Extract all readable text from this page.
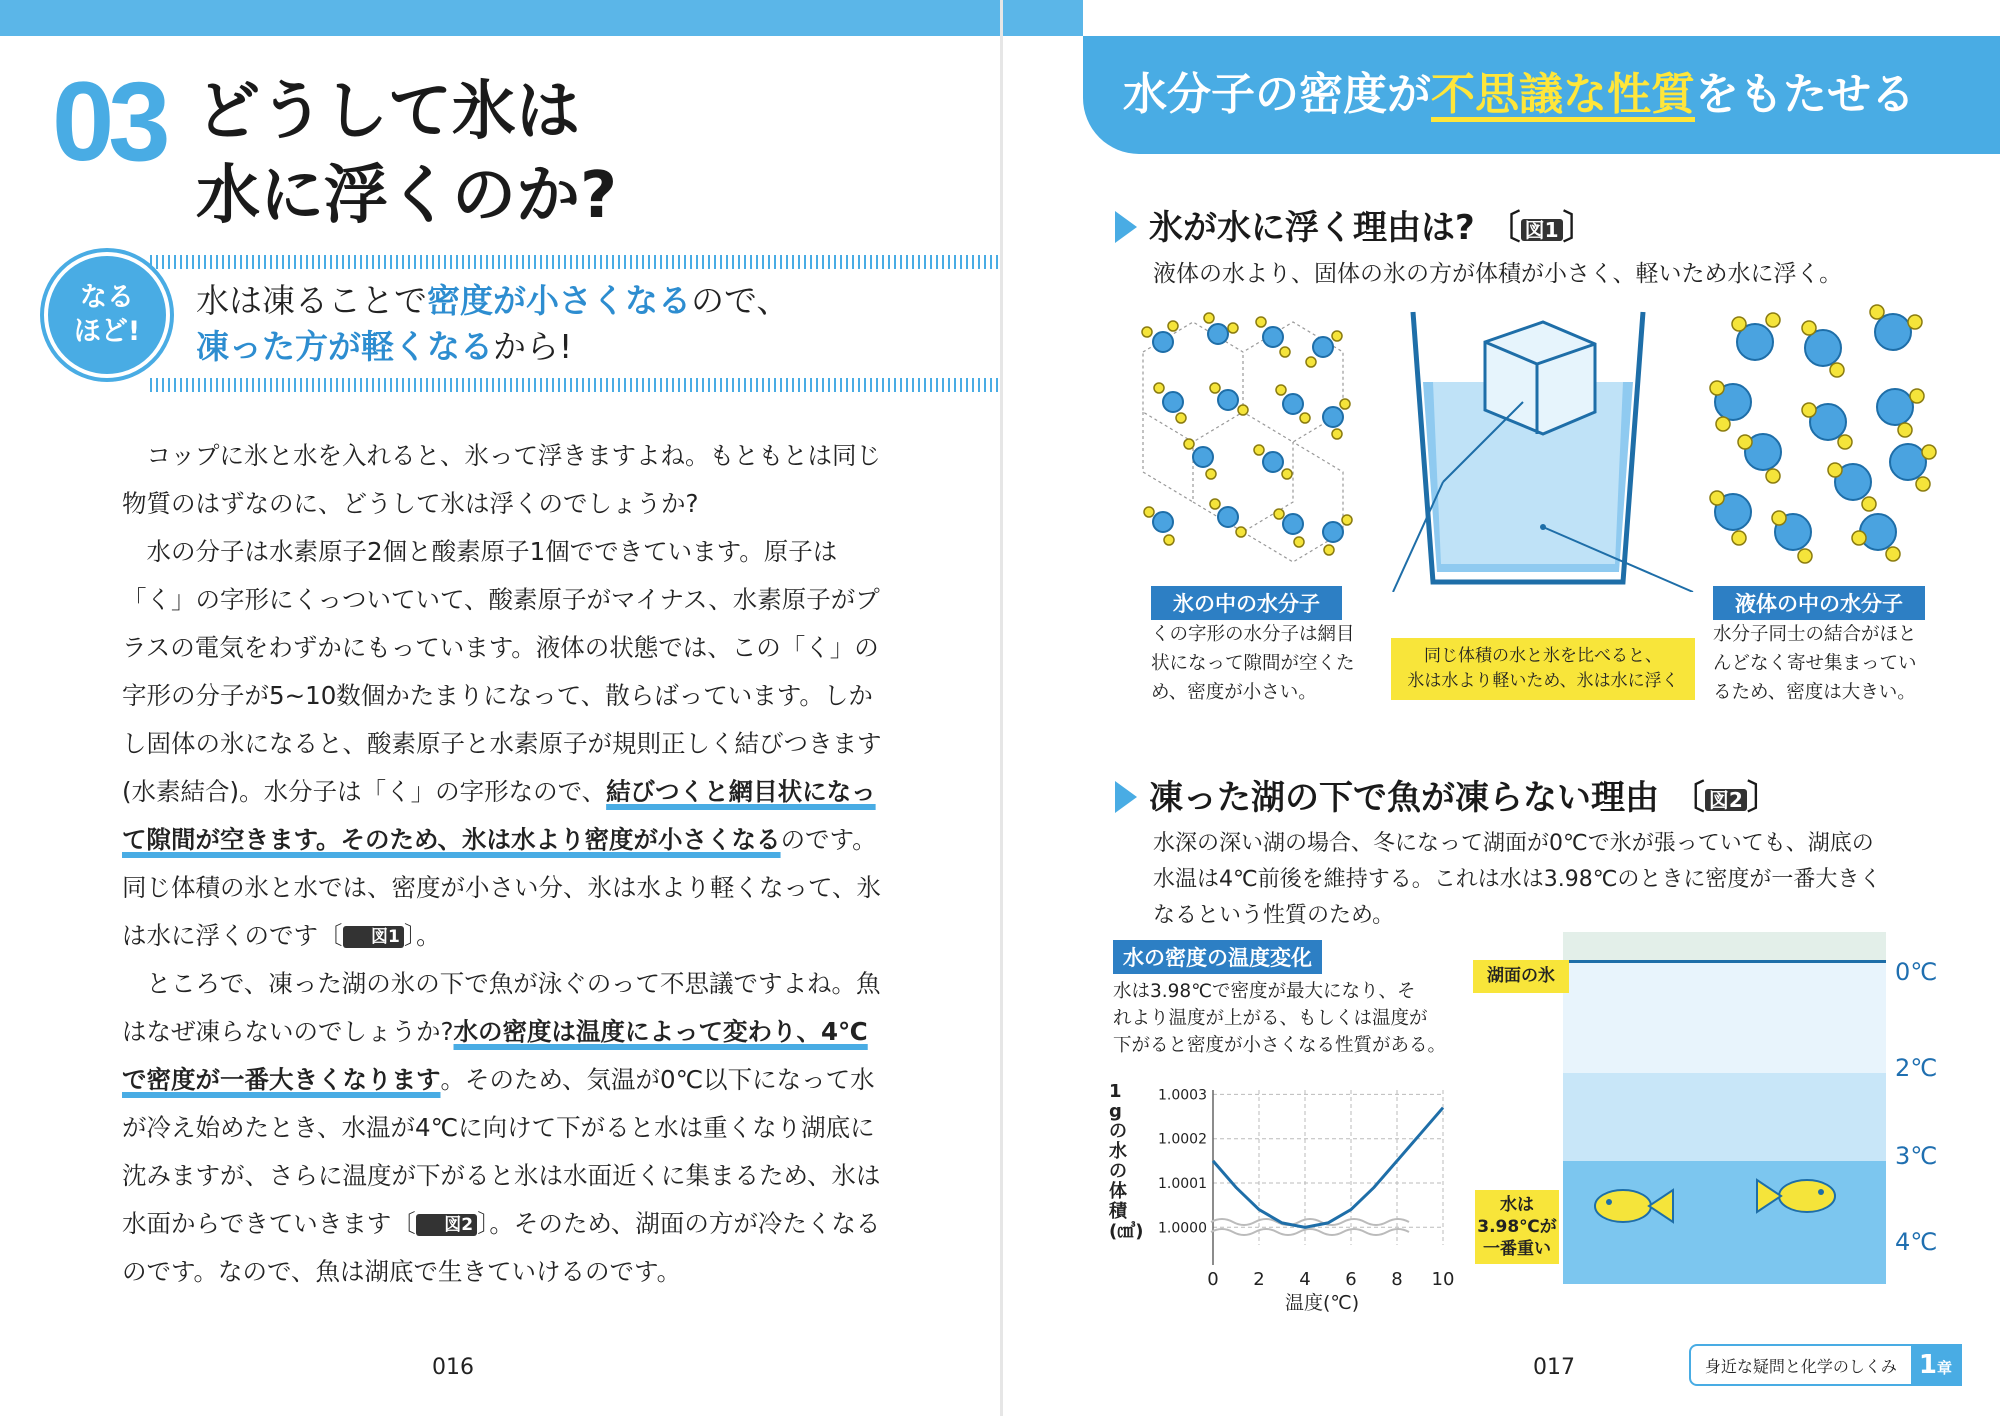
03 どうして氷は
水に浮くのか?
なる
ほど!
水は凍ることで密度が小さくなるので、
凍った方が軽くなるから!

コップに氷と水を入れると、氷って浮きますよね。もともとは同じ物質のはずなのに、どうして氷は浮くのでしょうか?

水の分子は水素原子2個と酸素原子1個でできています。原子は「く」の字形にくっついていて、酸素原子がマイナス、水素原子がプラスの電気をわずかにもっています。液体の状態では、この「く」の字形の分子が5~10数個かたまりになって、散らばっています。しかし固体の氷になると、酸素原子と水素原子が規則正しく結びつきます(水素結合)。水分子は「く」の字形なので、結びつくと網目状になって隙間が空きます。そのため、氷は水より密度が小さくなるのです。同じ体積の氷と水では、密度が小さい分、氷は水より軽くなって、氷は水に浮くのです〔 図1 〕。

ところで、凍った湖の氷の下で魚が泳ぐのって不思議ですよね。魚はなぜ凍らないのでしょうか?水の密度は温度によって変わり、4℃で密度が一番大きくなります。そのため、気温が0℃以下になって水が冷え始めたとき、水温が4℃に向けて下がると水は重くなり湖底に沈みますが、さらに温度が下がると氷は水面近くに集まるため、氷は水面からできていきます〔 図2 〕。そのため、湖面の方が冷たくなるのです。なので、魚は湖底で生きていけるのです。

016
水分子の密度が不思議な性質をもたせる
氷が水に浮く理由は? 〔 図1 〕
液体の水より、固体の氷の方が体積が小さく、軽いため水に浮く。
氷の中の水分子
くの字形の水分子は網目
状になって隙間が空くた
め、密度が小さい。
同じ体積の水と氷を比べると、
氷は水より軽いため、氷は水に浮く
液体の中の水分子
水分子同士の結合がほと
んどなく寄せ集まってい
るため、密度は大きい。
凍った湖の下で魚が凍らない理由 〔 図2 〕
水深の深い湖の場合、冬になって湖面が0℃で氷が張っていても、湖底の
水温は4℃前後を維持する。これは水は3.98℃のときに密度が一番大きく
なるという性質のため。
水の密度の温度変化
水は3.98℃で密度が最大になり、そ
れより温度が上がる、もしくは温度が
下がると密度が小さくなる性質がある。
1gの水の体積(㎤)
1.0003
1.0002
1.0001
1.0000
0 2 4 6 8 10
温度(℃)
湖面の氷
水は
3.98℃が
一番重い
0℃
2℃
3℃
4℃
017	身近な疑問と化学のしくみ 1章
